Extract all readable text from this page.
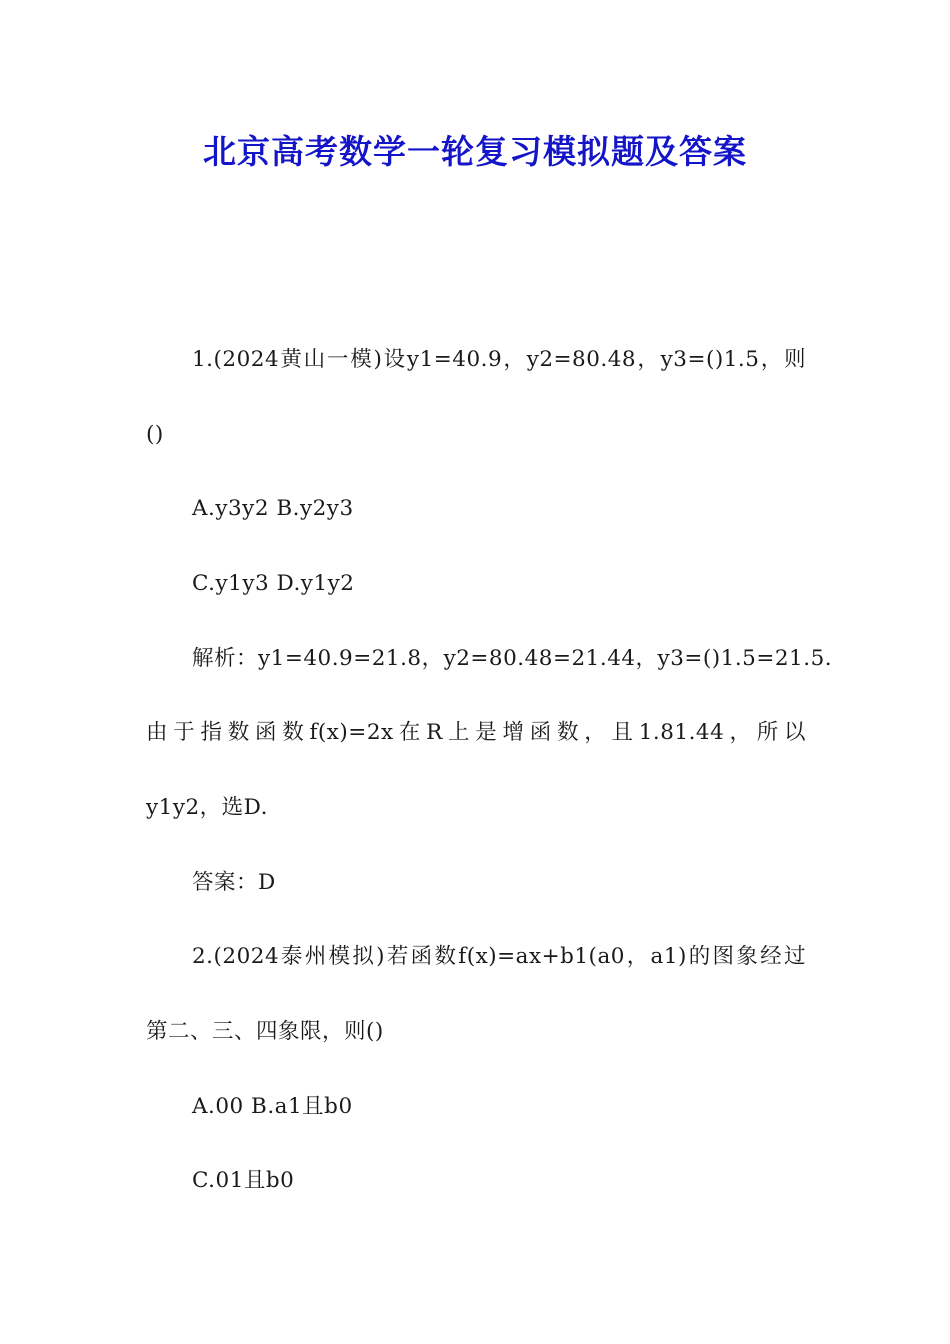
北京高考数学一轮复习模拟题及答案
1.(2024黄山一模)设y1=40.9，y2=80.48，y3=()1.5，则
()
A.y3y2 B.y2y3
C.y1y3 D.y1y2
解析：y1=40.9=21.8，y2=80.48=21.44，y3=()1.5=21.5.
由于指数函数f(x)=2x在R上是增函数，且1.81.44，所以
y1y2，选D.
答案：D
2.(2024泰州模拟)若函数f(x)=ax+b1(a0，a1)的图象经过
第二、三、四象限，则()
A.00 B.a1且b0
C.01且b0
